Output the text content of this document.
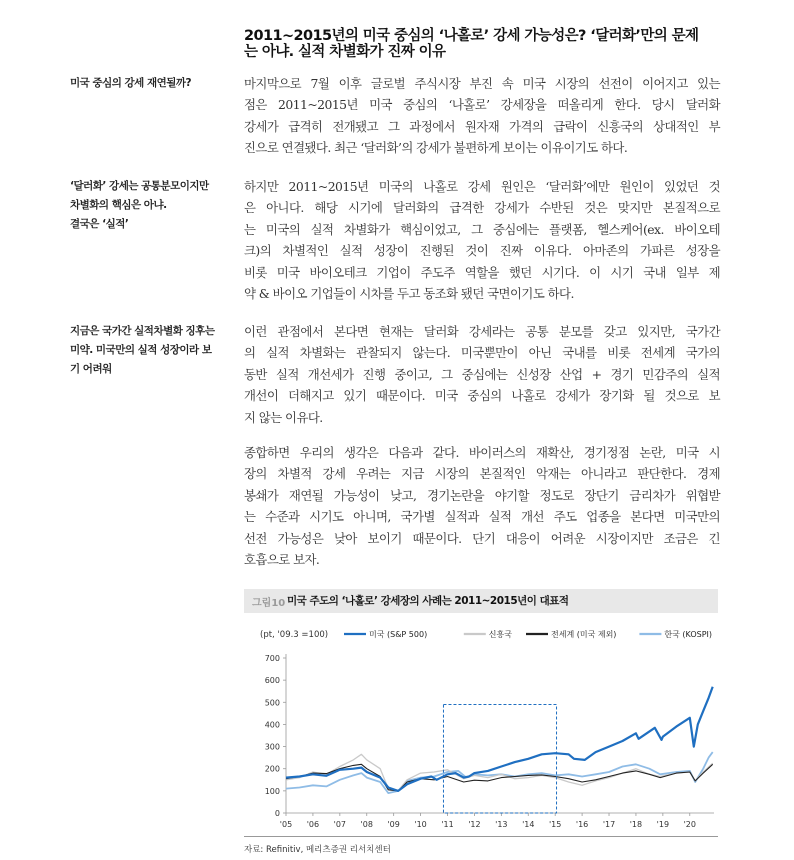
2011~2015년의 미국 중심의 ‘나홀로’ 강세 가능성은? ‘달러화’만의 문제
는 아냐. 실적 차별화가 진짜 이유
미국 중심의 강세 재연될까?	마지막으로 7월 이후 글로벌 주식시장 부진 속 미국 시장의 선전이 이어지고 있는
점은 2011~2015년 미국 중심의 ‘나홀로’ 강세장을 떠올리게 한다. 당시 달러화
강세가 급격히 전개됐고 그 과정에서 원자재 가격의 급락이 신흥국의 상대적인 부
진으로 연결됐다. 최근 ‘달러화’의 강세가 불편하게 보이는 이유이기도 하다.
‘달러화’ 강세는 공통분모이지만
차별화의 핵심은 아냐.
결국은 ‘실적’
하지만 2011~2015년 미국의 나홀로 강세 원인은 ‘달러화’에만 원인이 있었던 것
은 아니다. 해당 시기에 달러화의 급격한 강세가 수반된 것은 맞지만 본질적으로
는 미국의 실적 차별화가 핵심이었고, 그 중심에는 플랫폼, 헬스케어(ex. 바이오테
크)의 차별적인 실적 성장이 진행된 것이 진짜 이유다. 아마존의 가파른 성장을
비롯 미국 바이오테크 기업이 주도주 역할을 했던 시기다. 이 시기 국내 일부 제
약 & 바이오 기업들이 시차를 두고 동조화 됐던 국면이기도 하다.
지금은 국가간 실적차별화 징후는
미약. 미국만의 실적 성장이라 보
기 어려워
이런 관점에서 본다면 현재는 달러화 강세라는 공통 분모를 갖고 있지만, 국가간
의 실적 차별화는 관찰되지 않는다. 미국뿐만이 아닌 국내를 비롯 전세계 국가의
동반 실적 개선세가 진행 중이고, 그 중심에는 신성장 산업 + 경기 민감주의 실적
개선이 더해지고 있기 때문이다. 미국 중심의 나홀로 강세가 장기화 될 것으로 보
지 않는 이유다.
종합하면 우리의 생각은 다음과 같다. 바이러스의 재확산, 경기정점 논란, 미국 시
장의 차별적 강세 우려는 지금 시장의 본질적인 악재는 아니라고 판단한다. 경제
봉쇄가 재연될 가능성이 낮고, 경기논란을 야기할 정도로 장단기 금리차가 위협받
는 수준과 시기도 아니며, 국가별 실적과 실적 개선 주도 업종을 본다면 미국만의
선전 가능성은 낮아 보이기 때문이다. 단기 대응이 어려운 시장이지만 조금은 긴
호흡으로 보자.
그림10 미국 주도의 ‘나홀로’ 강세장의 사례는 2011~2015년이 대표적
(pt, '09.3 =100)	미국 (S&P 500)	신흥국	전세계 (미국 제외)	한국 (KOSPI)
0
100
200
300
400
500
600
700
'05 '06 '07 '08 '09 '10 '11 '12 '13 '14 '15 '16 '17 '18 '19 '20
자료: Refinitiv, 메리츠증권 리서치센터
